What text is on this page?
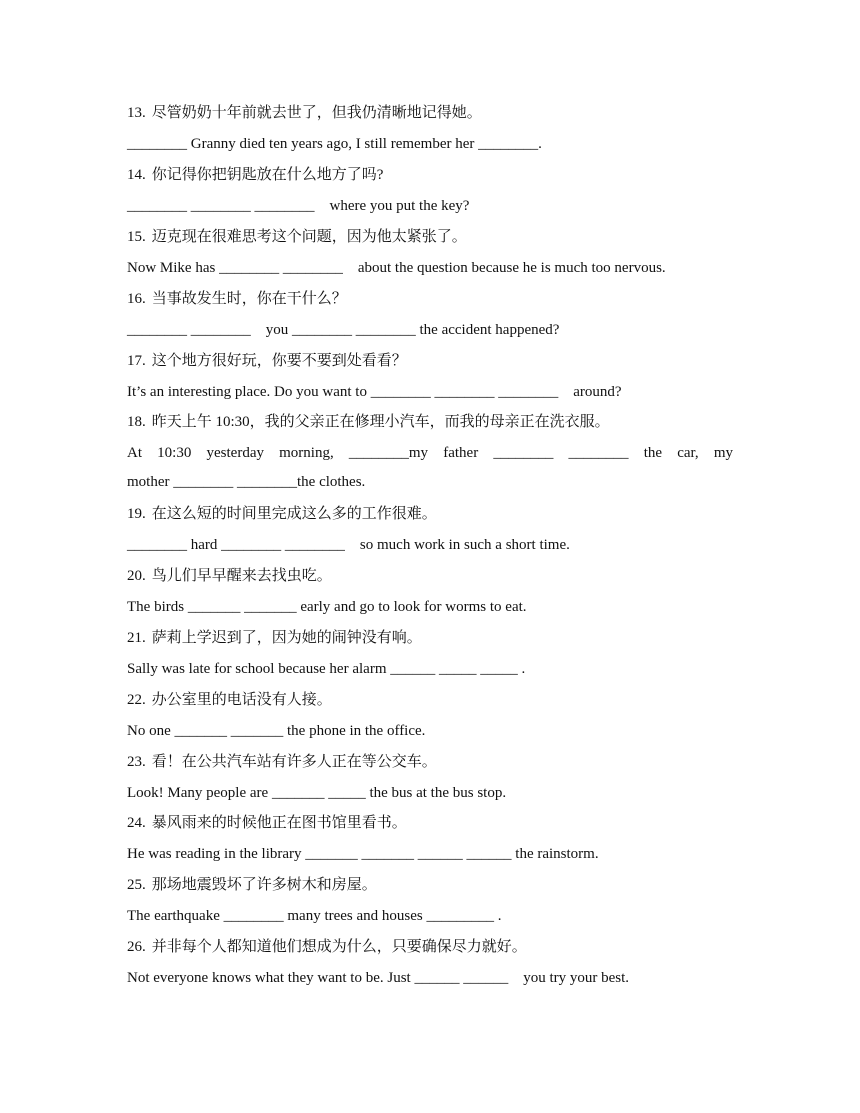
13. 尽管奶奶十年前就去世了，但我仍清晰地记得她。
________ Granny died ten years ago, I still remember her ________.
14. 你记得你把钥匙放在什么地方了吗?
________ ________ ________    where you put the key?
15. 迈克现在很难思考这个问题，因为他太紧张了。
Now Mike has ________ ________    about the question because he is much too nervous.
16. 当事故发生时，你在干什么？
________ ________    you ________ ________ the accident happened?
17. 这个地方很好玩，你要不要到处看看？
It’s an interesting place. Do you want to ________ ________ ________    around?
18. 昨天上午 10:30，我的父亲正在修理小汽车，而我的母亲正在洗衣服。
At 10:30 yesterday morning, ________my father ________ ________ the car, my
mother ________ ________the clothes.
19. 在这么短的时间里完成这么多的工作很难。
________ hard ________ ________    so much work in such a short time.
20. 鸟儿们早早醒来去找虫吃。
The birds _______ _______ early and go to look for worms to eat.
21. 萨莉上学迟到了，因为她的闹钟没有响。
Sally was late for school because her alarm ______ _____ _____ .
22. 办公室里的电话没有人接。
No one _______ _______ the phone in the office.
23. 看！在公共汽车站有许多人正在等公交车。
Look! Many people are _______ _____ the bus at the bus stop.
24. 暴风雨来的时候他正在图书馆里看书。
He was reading in the library _______ _______ ______ ______ the rainstorm.
25. 那场地震毁坏了许多树木和房屋。
The earthquake ________ many trees and houses _________ .
26. 并非每个人都知道他们想成为什么，只要确保尽力就好。
Not everyone knows what they want to be. Just ______ ______    you try your best.
